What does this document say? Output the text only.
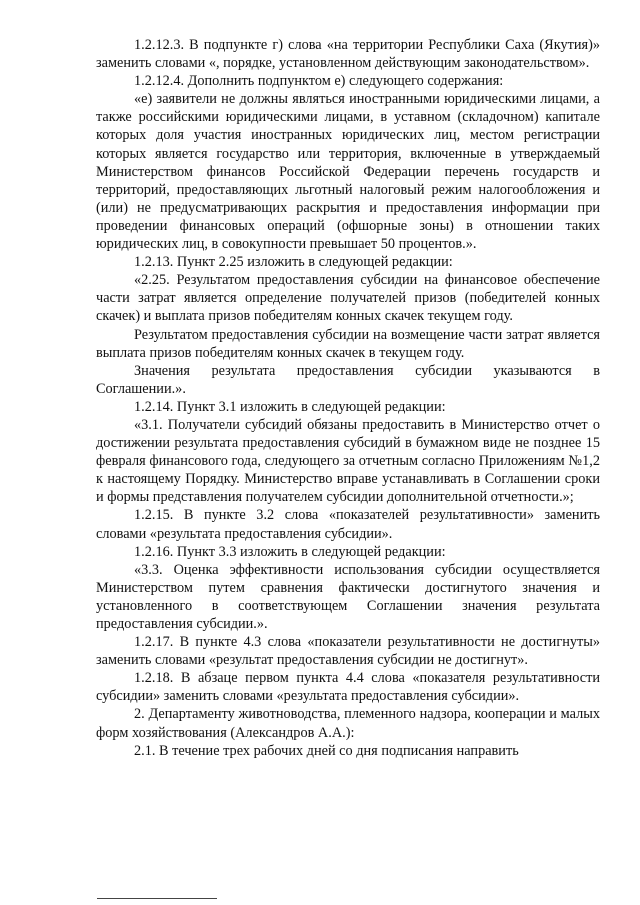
1.2.12.3. В подпункте г) слова «на территории Республики Саха (Якутия)» заменить словами «, порядке, установленном действующим законодательством».

1.2.12.4. Дополнить подпунктом е) следующего содержания:

«е) заявители не должны являться иностранными юридическими лицами, а также российскими юридическими лицами, в уставном (складочном) капитале которых доля участия иностранных юридических лиц, местом регистрации которых является государство или территория, включенные в утверждаемый Министерством финансов Российской Федерации перечень государств и территорий, предоставляющих льготный налоговый режим налогообложения и (или) не предусматривающих раскрытия и предоставления информации при проведении финансовых операций (офшорные зоны) в отношении таких юридических лиц, в совокупности превышает 50 процентов.».

1.2.13. Пункт 2.25 изложить в следующей редакции:

«2.25. Результатом предоставления субсидии на финансовое обеспечение части затрат является определение получателей призов (победителей конных скачек) и выплата призов победителям конных скачек текущем году.

Результатом предоставления субсидии на возмещение части затрат является выплата призов победителям конных скачек в текущем году.

Значения результата предоставления субсидии указываются в Соглашении.».

1.2.14. Пункт 3.1 изложить в следующей редакции:

«3.1. Получатели субсидий обязаны предоставить в Министерство отчет о достижении результата предоставления субсидий в бумажном виде не позднее 15 февраля финансового года, следующего за отчетным согласно Приложениям №1,2 к настоящему Порядку. Министерство вправе устанавливать в Соглашении сроки и формы представления получателем субсидии дополнительной отчетности.»;

1.2.15. В пункте 3.2 слова «показателей результативности» заменить словами «результата предоставления субсидии».

1.2.16. Пункт 3.3 изложить в следующей редакции:

«3.3. Оценка эффективности использования субсидии осуществляется Министерством путем сравнения фактически достигнутого значения и установленного в соответствующем Соглашении значения результата предоставления субсидии.».

1.2.17. В пункте 4.3 слова «показатели результативности не достигнуты» заменить словами «результат предоставления субсидии не достигнут».

1.2.18. В абзаце первом пункта 4.4 слова «показателя результативности субсидии» заменить словами «результата предоставления субсидии».

2. Департаменту животноводства, племенного надзора, кооперации и малых форм хозяйствования (Александров А.А.):

2.1. В течение трех рабочих дней со дня подписания направить
